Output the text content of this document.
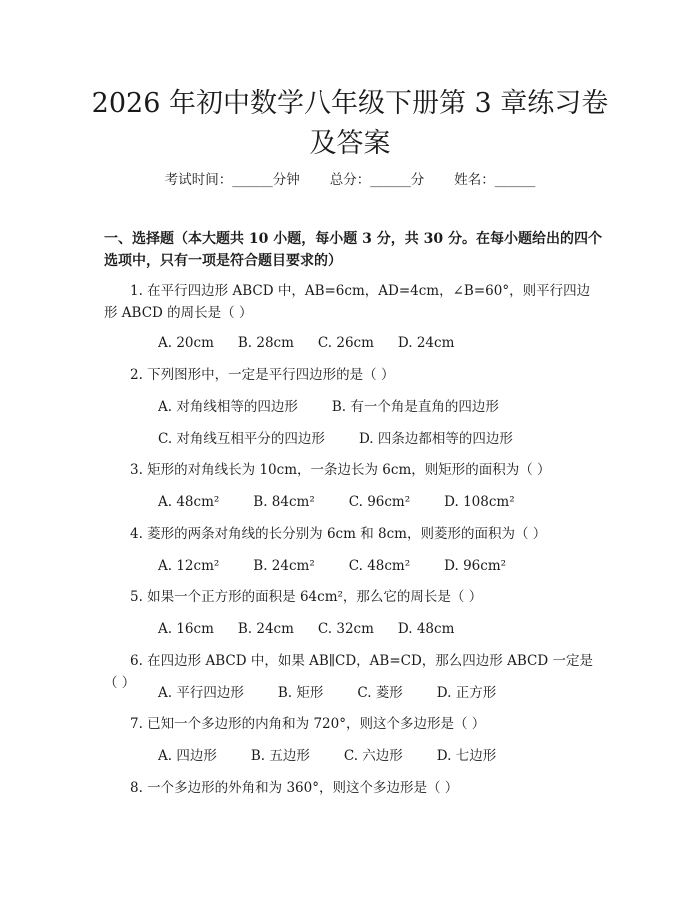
2026 年初中数学八年级下册第 3 章练习卷及答案
考试时间：______分钟 总分：______分 姓名：______
一、选择题（本大题共 10 小题，每小题 3 分，共 30 分。在每小题给出的四个选项中，只有一项是符合题目要求的）
1. 在平行四边形 ABCD 中，AB=6cm，AD=4cm，∠B=60°，则平行四边形 ABCD 的周长是（ ）
A. 20cm B. 28cm C. 26cm D. 24cm
2. 下列图形中，一定是平行四边形的是（ ）
A. 对角线相等的四边形	B. 有一个角是直角的四边形
C. 对角线互相平分的四边形	D. 四条边都相等的四边形
3. 矩形的对角线长为 10cm，一条边长为 6cm，则矩形的面积为（ ）
A. 48cm²	B. 84cm²	C. 96cm²	D. 108cm²
4. 菱形的两条对角线的长分别为 6cm 和 8cm，则菱形的面积为（ ）
A. 12cm²	B. 24cm²	C. 48cm²	D. 96cm²
5. 如果一个正方形的面积是 64cm²，那么它的周长是（ ）
A. 16cm B. 24cm C. 32cm D. 48cm
6. 在四边形 ABCD 中，如果 AB∥CD，AB=CD，那么四边形 ABCD 一定是（ ）
A. 平行四边形	B. 矩形	C. 菱形	D. 正方形
7. 已知一个多边形的内角和为 720°，则这个多边形是（ ）
A. 四边形	B. 五边形	C. 六边形	D. 七边形
8. 一个多边形的外角和为 360°，则这个多边形是（ ）
